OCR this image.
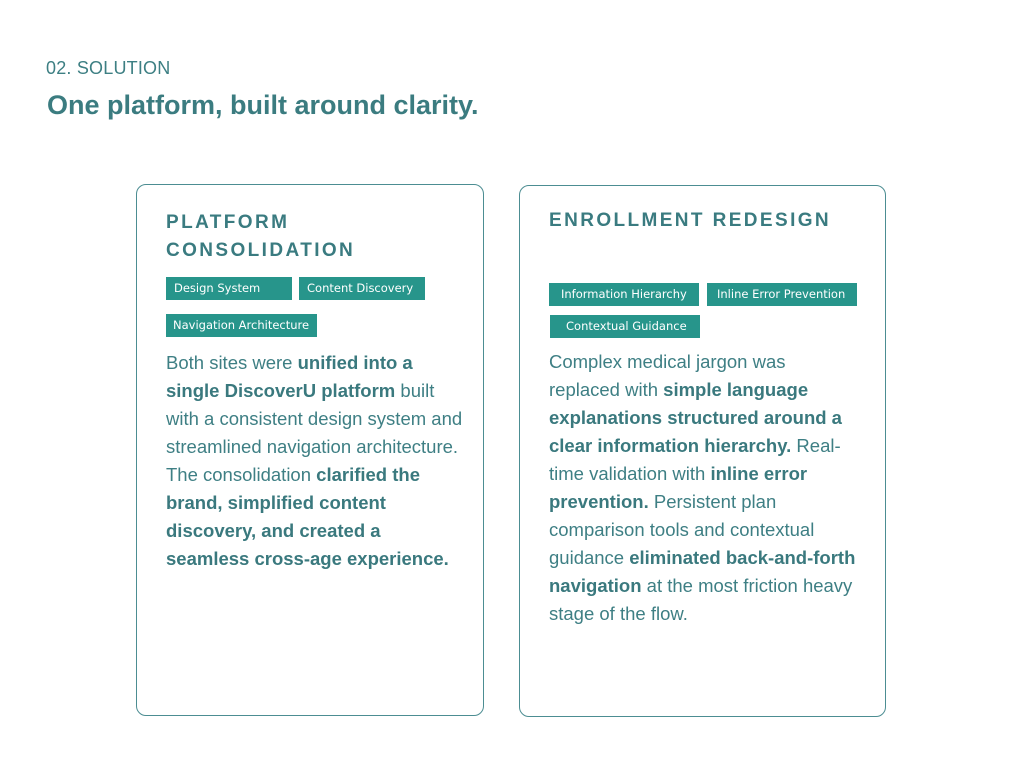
02. SOLUTION
One platform, built around clarity.
PLATFORM
CONSOLIDATION
Design System	Content Discovery
Navigation Architecture

Both sites were unified into a single DiscoverU platform built with a consistent design system and streamlined navigation architecture. The consolidation clarified the brand, simplified content discovery, and created a seamless cross-age experience.

ENROLLMENT REDESIGN
Information Hierarchy	Inline Error Prevention
Contextual Guidance

Complex medical jargon was replaced with simple language explanations structured around a clear information hierarchy. Real-time validation with inline error prevention. Persistent plan comparison tools and contextual guidance eliminated back-and-forth navigation at the most friction heavy stage of the flow.
